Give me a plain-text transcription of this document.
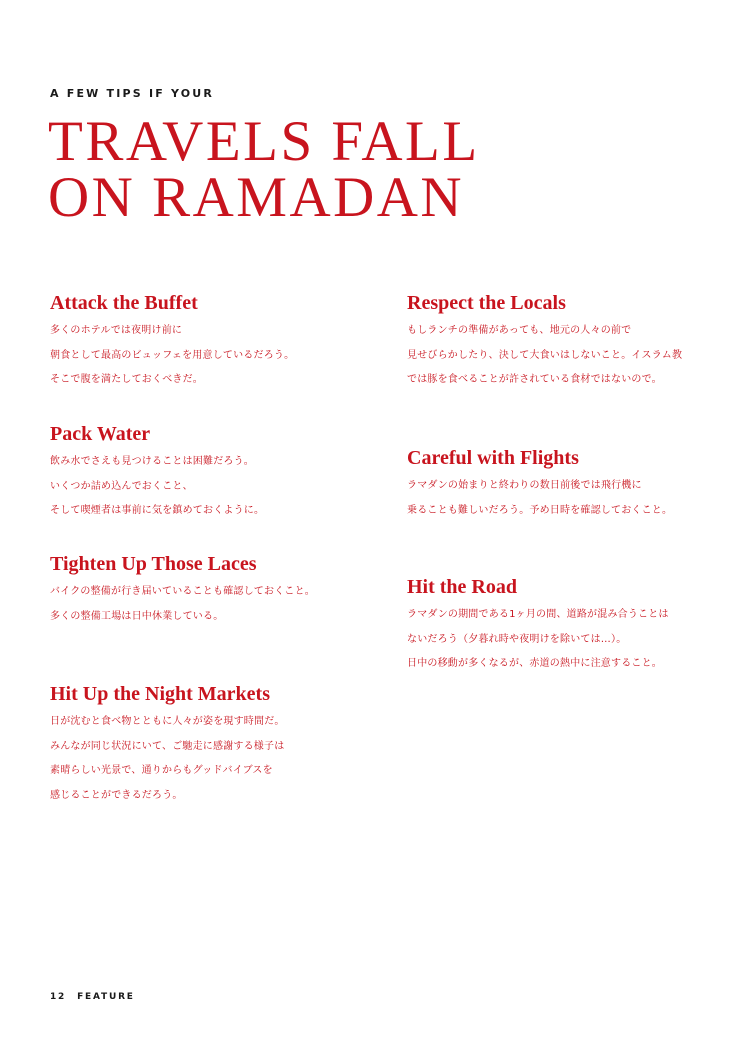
A FEW TIPS IF YOUR
TRAVELS FALL
ON RAMADAN
Attack the Buffet
多くのホテルでは夜明け前に
朝食として最高のビュッフェを用意しているだろう。
そこで腹を満たしておくべきだ。
Pack Water
飲み水でさえも見つけることは困難だろう。
いくつか詰め込んでおくこと、
そして喫煙者は事前に気を鎮めておくように。
Tighten Up Those Laces
バイクの整備が行き届いていることも確認しておくこと。
多くの整備工場は日中休業している。
Hit Up the Night Markets
日が沈むと食べ物とともに人々が姿を現す時間だ。
みんなが同じ状況にいて、ご馳走に感謝する様子は
素晴らしい光景で、通りからもグッドバイブスを
感じることができるだろう。
Respect the Locals
もしランチの準備があっても、地元の人々の前で
見せびらかしたり、決して大食いはしないこと。イスラム教
では豚を食べることが許されている食材ではないので。
Careful with Flights
ラマダンの始まりと終わりの数日前後では飛行機に
乗ることも難しいだろう。予め日時を確認しておくこと。
Hit the Road
ラマダンの期間である1ヶ月の間、道路が混み合うことは
ないだろう（夕暮れ時や夜明けを除いては…）。
日中の移動が多くなるが、赤道の熱中に注意すること。
12 FEATURE
